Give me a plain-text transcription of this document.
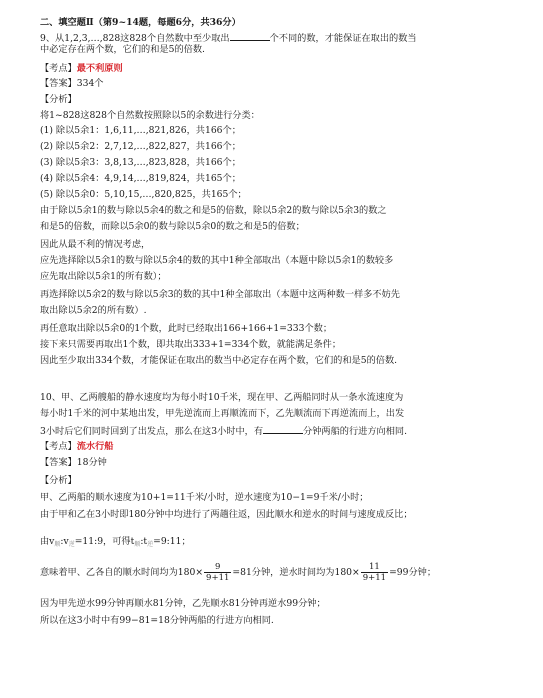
二、填空题Ⅱ（第9~14题，每题6分，共36分）
9、从1,2,3,…,828这828个自然数中至少取出	个不同的数，才能保证在取出的数当
中必定存在两个数，它们的和是5的倍数.
【考点】最不利原则
【答案】334个
【分析】
将1~828这828个自然数按照除以5的余数进行分类：
(1) 除以5余1：1,6,11,…,821,826，共166个；
(2) 除以5余2：2,7,12,…,822,827，共166个；
(3) 除以5余3：3,8,13,…,823,828，共166个；
(4) 除以5余4：4,9,14,…,819,824，共165个；
(5) 除以5余0：5,10,15,…,820,825，共165个；
由于除以5余1的数与除以5余4的数之和是5的倍数，除以5余2的数与除以5余3的数之
和是5的倍数，而除以5余0的数与除以5余0的数之和是5的倍数；
因此从最不利的情况考虑，
应先选择除以5余1的数与除以5余4的数的其中1种全部取出（本题中除以5余1的数较多
应先取出除以5余1的所有数）；
再选择除以5余2的数与除以5余3的数的其中1种全部取出（本题中这两种数一样多不妨先
取出除以5余2的所有数）.
再任意取出除以5余0的1个数，此时已经取出166+166+1=333个数；
接下来只需要再取出1个数，即共取出333+1=334个数，就能满足条件；
因此至少取出334个数，才能保证在取出的数当中必定存在两个数，它们的和是5的倍数.
10、甲、乙两艘船的静水速度均为每小时10千米，现在甲、乙两船同时从一条水流速度为
每小时1千米的河中某地出发，甲先逆流而上再顺流而下，乙先顺流而下再逆流而上，出发
3小时后它们同时回到了出发点，那么在这3小时中，有	分钟两船的行进方向相同.
【考点】流水行船
【答案】18分钟
【分析】
甲、乙两船的顺水速度为10+1=11千米/小时，逆水速度为10−1=9千米/小时；
由于甲和乙在3小时即180分钟中均进行了两趟往返，因此顺水和逆水的时间与速度成反比；
由$v_顺:v_逆=11:9$，可得$t_顺:t_逆=9:11$；
意味着甲、乙各自的顺水时间均为$180\times \frac{9}{9+11} =81$分钟，逆水时间均为$180\times \frac{11}{9+11} =99$分钟；
因为甲先逆水99分钟再顺水81分钟，乙先顺水81分钟再逆水99分钟；
所以在这3小时中有99−81=18分钟两船的行进方向相同.
